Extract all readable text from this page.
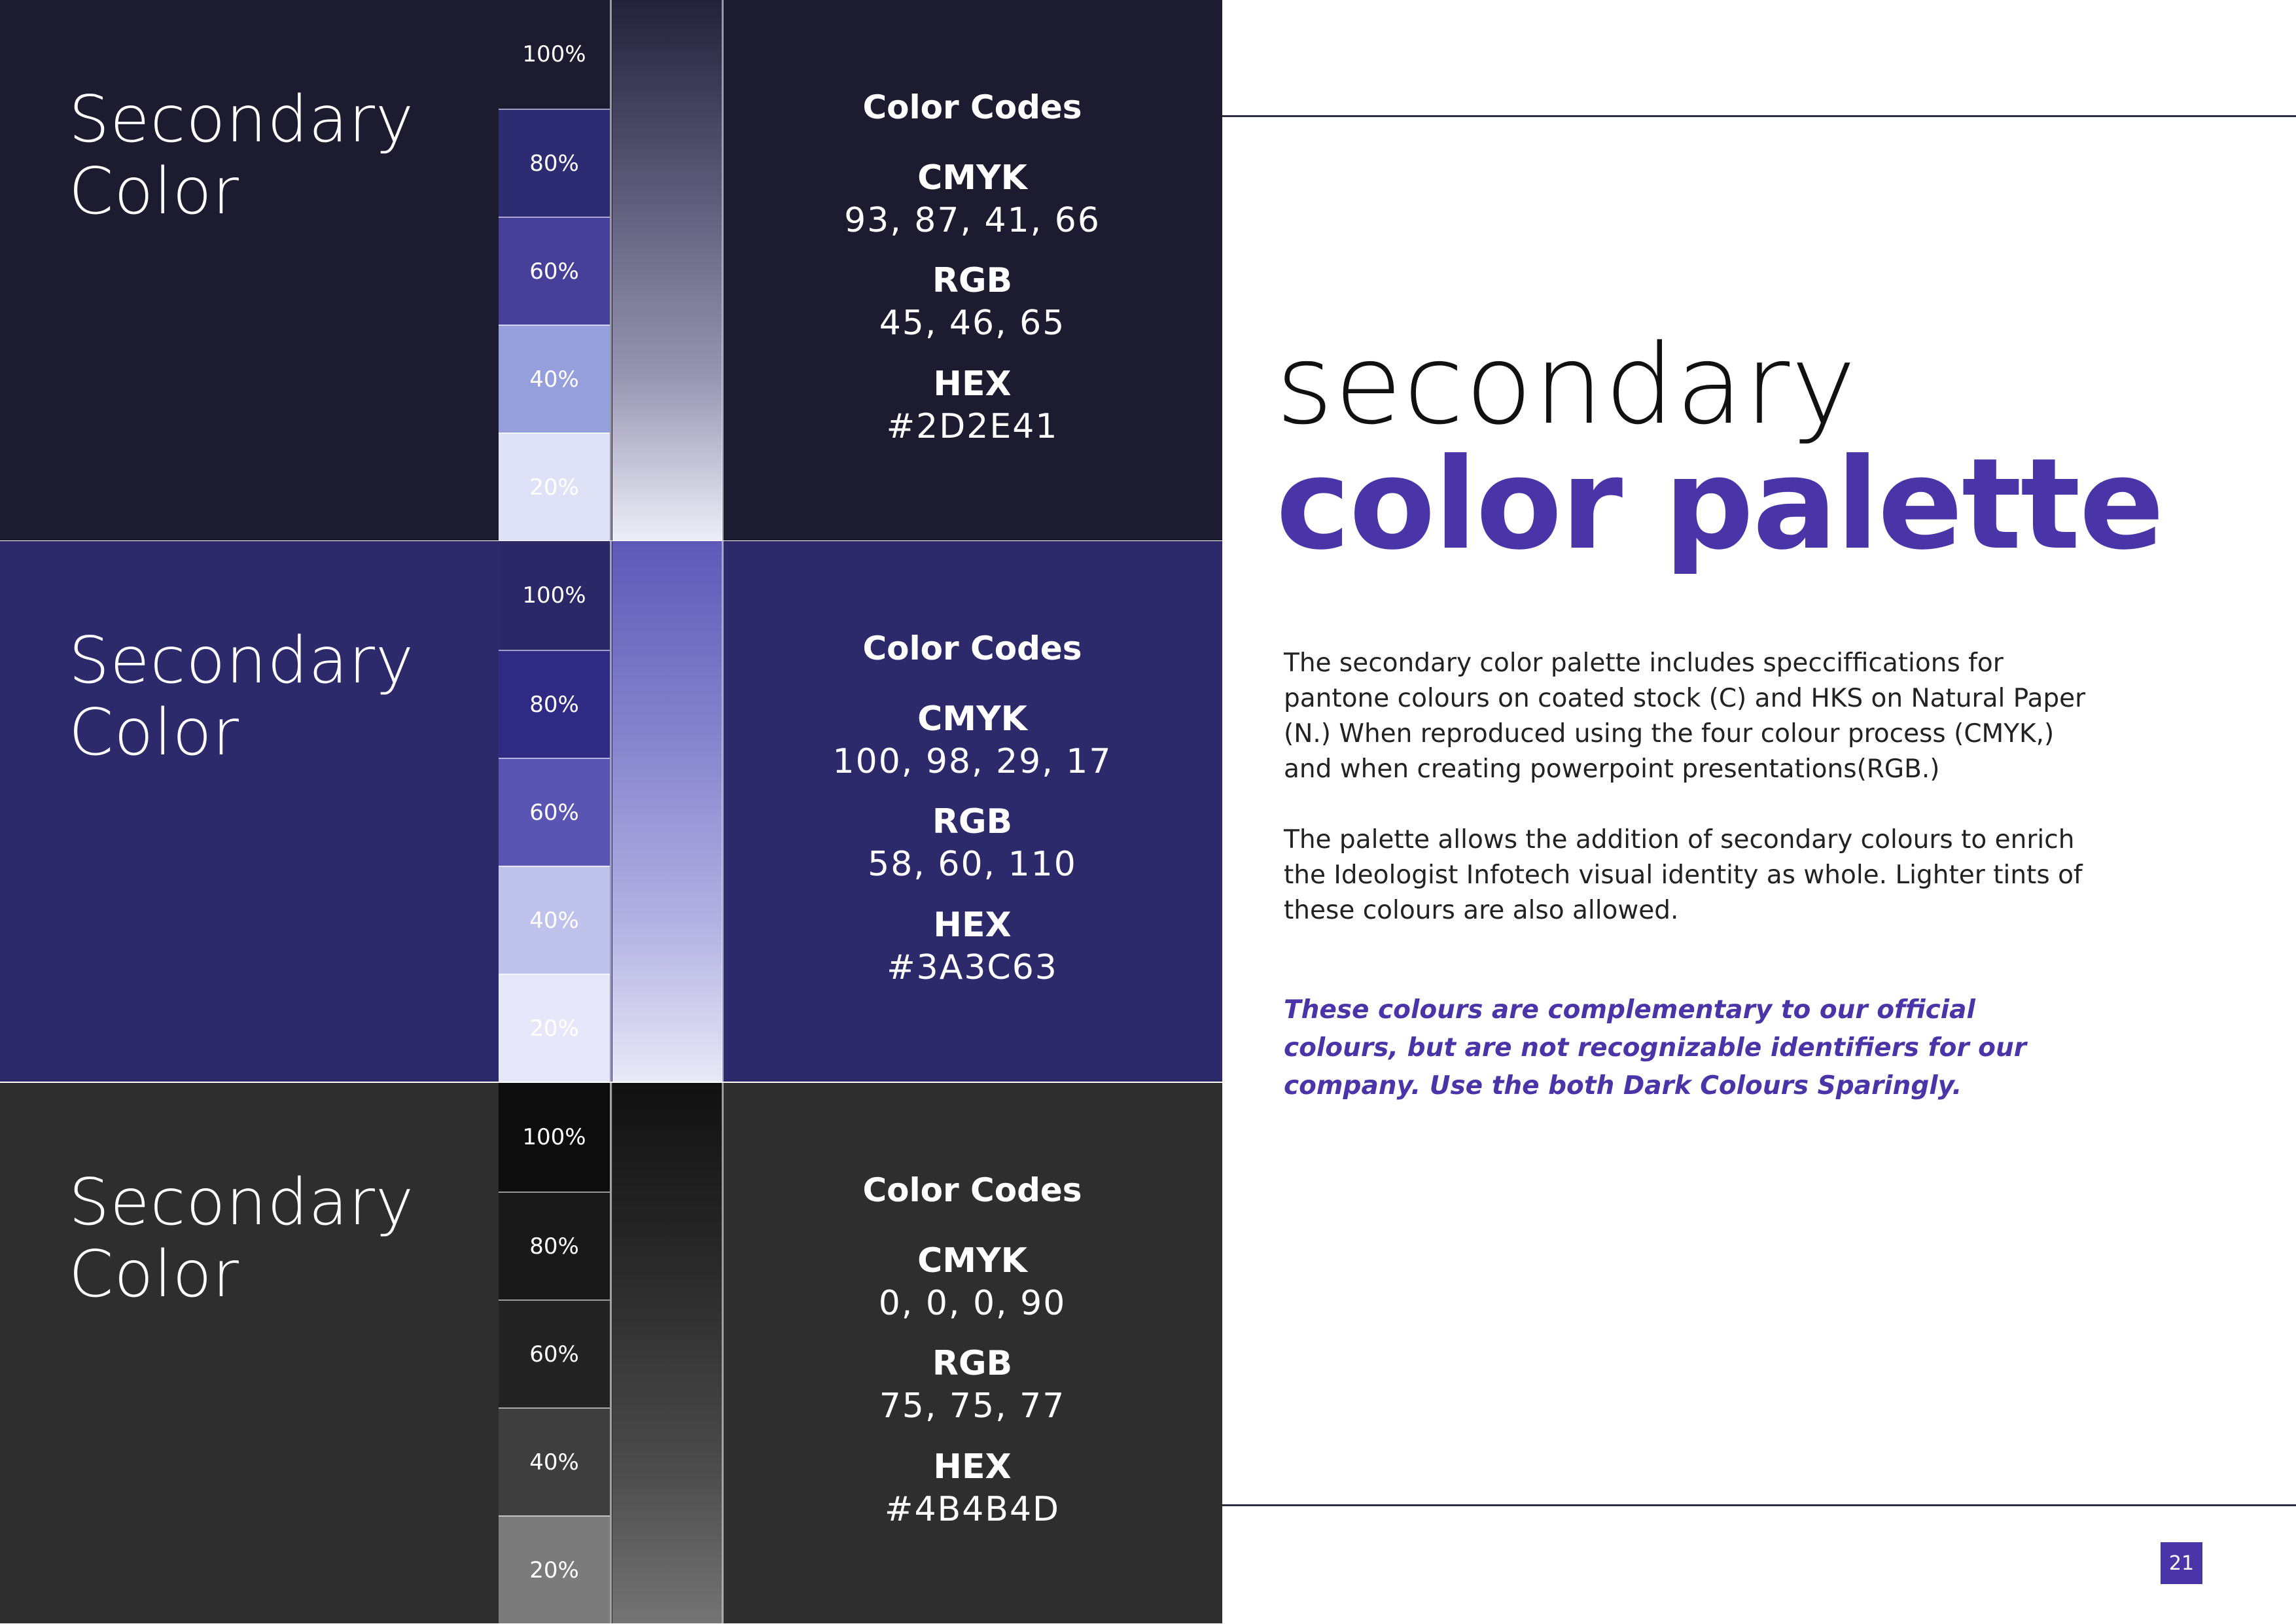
Secondary
Color
100%
80%
60%
40%
20%
Color Codes
CMYK
93, 87, 41, 66
RGB
45, 46, 65
HEX
#2D2E41
Secondary
Color
100%
80%
60%
40%
20%
Color Codes
CMYK
100, 98, 29, 17
RGB
58, 60, 110
HEX
#3A3C63
Secondary
Color
100%
80%
60%
40%
20%
Color Codes
CMYK
0, 0, 0, 90
RGB
75, 75, 77
HEX
#4B4B4D
secondary
color palette
The secondary color palette includes speccifﬁcations for pantone colours on coated stock (C) and HKS on Natural Paper (N.) When reproduced using the four colour process (CMYK,) and when creating powerpoint presentations(RGB.)
The palette allows the addition of secondary colours to enrich the Ideologist Infotech visual identity as whole. Lighter tints of these colours are also allowed.
These colours are complementary to our ofﬁcial colours, but are not recognizable identiﬁers for our company. Use the both Dark Colours Sparingly.
21
